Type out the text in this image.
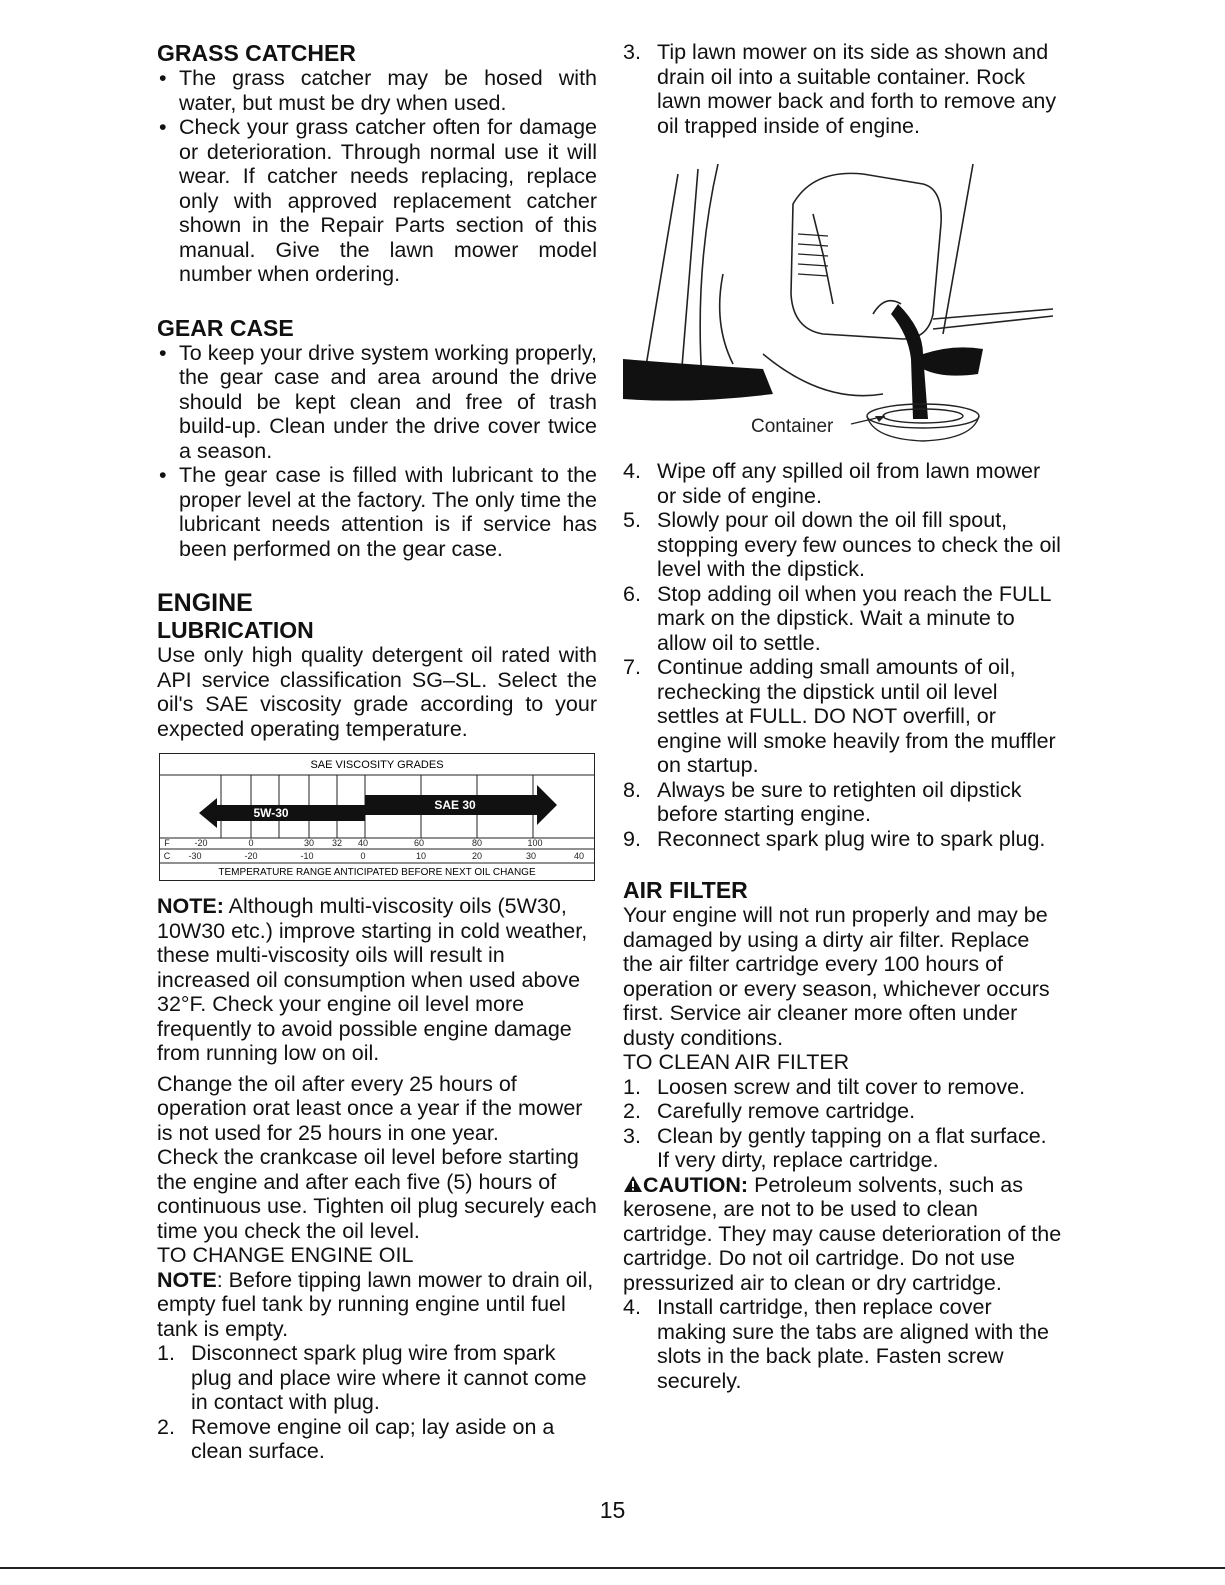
GRASS CATCHER
• The grass catcher may be hosed with water, but must be dry when used.
• Check your grass catcher often for damage or deterioration. Through normal use it will wear. If catcher needs replacing, replace only with approved replacement catcher shown in the Repair Parts section of this manual. Give the lawn mower model number when ordering.
GEAR CASE
• To keep your drive system working properly, the gear case and area around the drive should be kept clean and free of trash build-up. Clean under the drive cover twice a season.
• The gear case is filled with lubricant to the proper level at the factory. The only time the lubricant needs attention is if service has been performed on the gear case.
ENGINE
LUBRICATION

Use only high quality detergent oil rated with API service classification SG–SL. Select the oil's SAE viscosity grade according to your expected operating temperature.

SAE VISCOSITY GRADES
SAE 30
5W-30
F	-20	0	30 32 40	60	80	100
C -30	-20	-10	0	10	20	30	40
TEMPERATURE RANGE ANTICIPATED BEFORE NEXT OIL CHANGE

NOTE: Although multi-viscosity oils (5W30, 10W30 etc.) improve starting in cold weather, these multi-viscosity oils will result in increased oil consumption when used above 32°F. Check your engine oil level more frequently to avoid possible engine damage from running low on oil.

Change the oil after every 25 hours of operation orat least once a year if the mower is not used for 25 hours in one year.

Check the crankcase oil level before starting the engine and after each five (5) hours of continuous use. Tighten oil plug securely each time you check the oil level.

TO CHANGE ENGINE OIL

NOTE: Before tipping lawn mower to drain oil, empty fuel tank by running engine until fuel tank is empty.

1. Disconnect spark plug wire from spark plug and place wire where it cannot come in contact with plug.
2. Remove engine oil cap; lay aside on a clean surface.
3. Tip lawn mower on its side as shown and drain oil into a suitable container. Rock lawn mower back and forth to remove any oil trapped inside of engine.
Container
4. Wipe off any spilled oil from lawn mower or side of engine.
5. Slowly pour oil down the oil fill spout, stopping every few ounces to check the oil level with the dipstick.
6. Stop adding oil when you reach the FULL mark on the dipstick. Wait a minute to allow oil to settle.
7. Continue adding small amounts of oil, rechecking the dipstick until oil level settles at FULL. DO NOT overfill, or engine will smoke heavily from the muffler on startup.
8. Always be sure to retighten oil dipstick before starting engine.
9. Reconnect spark plug wire to spark plug.
AIR FILTER

Your engine will not run properly and may be damaged by using a dirty air filter. Replace the air filter cartridge every 100 hours of operation or every season, whichever occurs first. Service air cleaner more often under dusty conditions.

TO CLEAN AIR FILTER

1. Loosen screw and tilt cover to remove.
2. Carefully remove cartridge.
3. Clean by gently tapping on a flat surface. If very dirty, replace cartridge.

CAUTION: Petroleum solvents, such as kerosene, are not to be used to clean cartridge. They may cause deterioration of the cartridge. Do not oil cartridge. Do not use pressurized air to clean or dry cartridge.

4. Install cartridge, then replace cover making sure the tabs are aligned with the slots in the back plate. Fasten screw securely.
15
